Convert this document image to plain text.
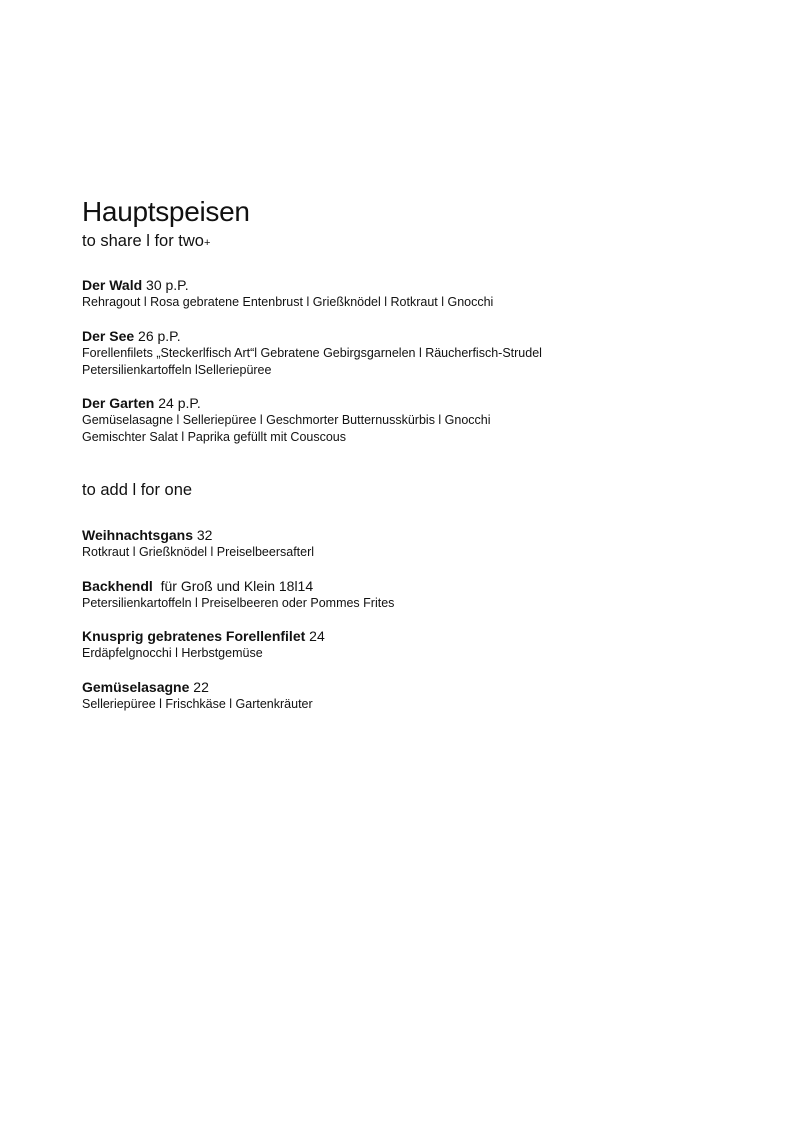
Hauptspeisen
to share l for two+
Der Wald 30 p.P.
Rehragout l Rosa gebratene Entenbrust l Grießknödel l Rotkraut l Gnocchi
Der See 26 p.P.
Forellenfilets „Steckerlfisch Art“l Gebratene Gebirgsgarnelen l Räucherfisch-Strudel
Petersilienkartoffeln lSelleriepüree
Der Garten 24 p.P.
Gemüselasagne l Selleriepüree l Geschmorter Butternusskürbis l Gnocchi
Gemischter Salat l Paprika gefüllt mit Couscous
to add l for one
Weihnachtsgans 32
Rotkraut l Grießknödel l Preiselbeersafterl
Backhendl  für Groß und Klein 18l14
Petersilienkartoffeln l Preiselbeeren oder Pommes Frites
Knusprig gebratenes Forellenfilet 24
Erdäpfelgnocchi l Herbstgemüse
Gemüselasagne 22
Selleriepüree l Frischkäse l Gartenkräuter
